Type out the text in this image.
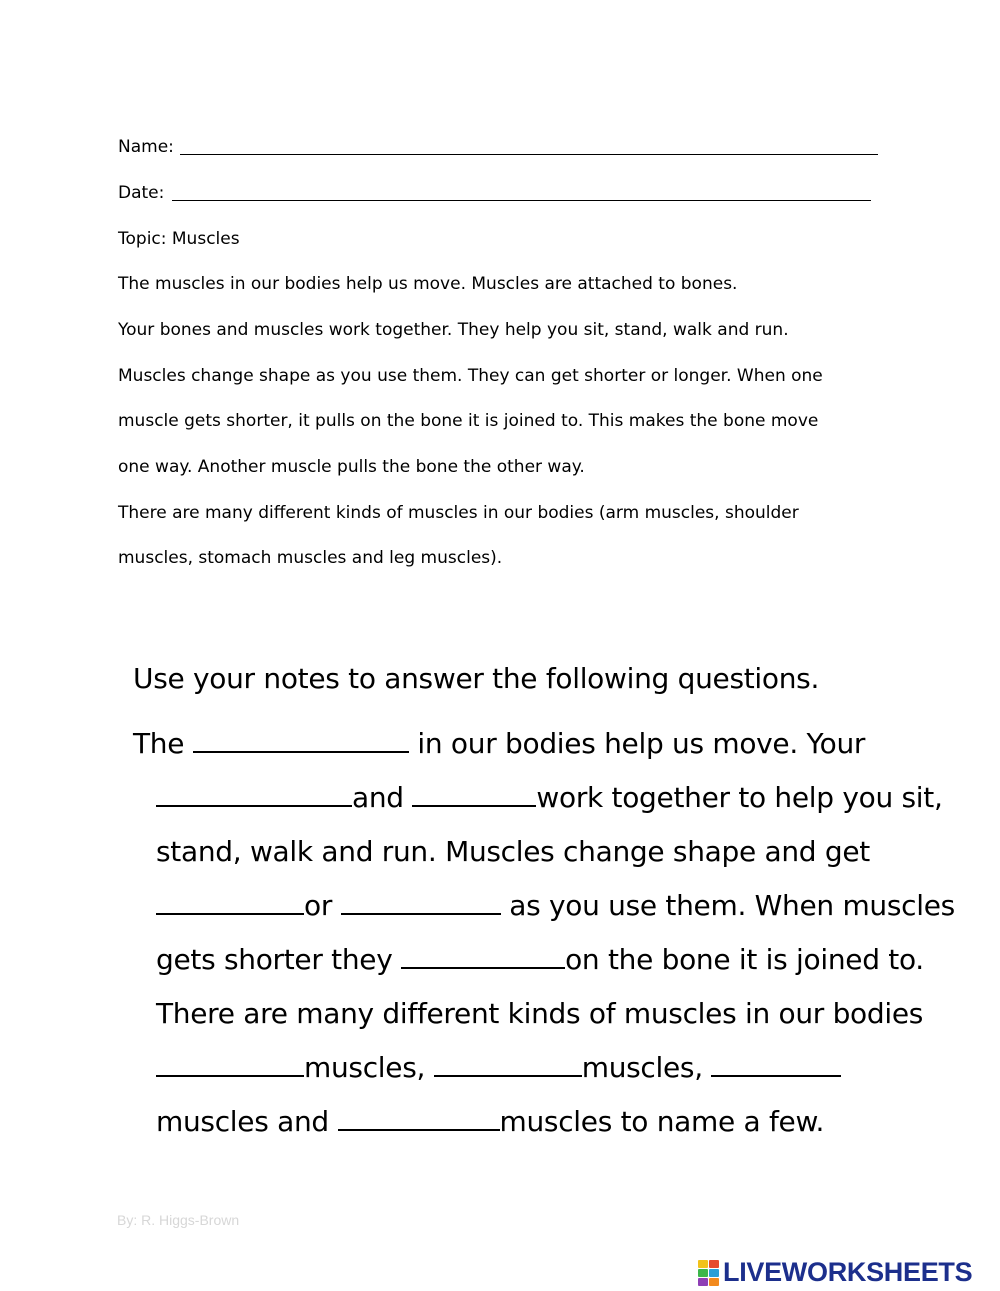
Name:
Date:
Topic: Muscles
The muscles in our bodies help us move. Muscles are attached to bones.
Your bones and muscles work together. They help you sit, stand, walk and run.
Muscles change shape as you use them. They can get shorter or longer. When one
muscle gets shorter, it pulls on the bone it is joined to. This makes the bone move
one way. Another muscle pulls the bone the other way.
There are many different kinds of muscles in our bodies (arm muscles, shoulder
muscles, stomach muscles and leg muscles).
Use your notes to answer the following questions.
The	in our bodies help us move. Your
and	work together to help you sit,
stand, walk and run. Muscles change shape and get
or	as you use them. When muscles
gets shorter they	on the bone it is joined to.
There are many different kinds of muscles in our bodies
muscles,	muscles,
muscles and	muscles to name a few.
By: R. Higgs-Brown
LIVEWORKSHEETS
